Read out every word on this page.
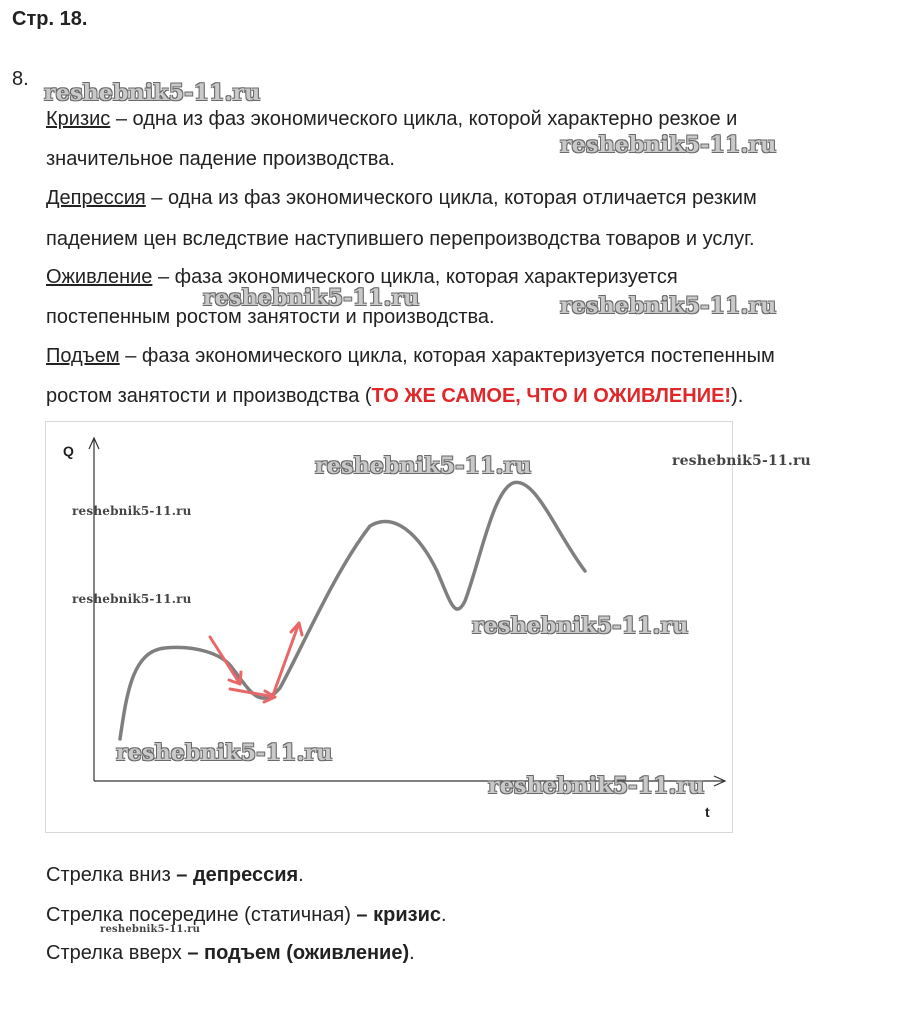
Стр. 18.
8.
Кризис – одна из фаз экономического цикла, которой характерно резкое и
значительное падение производства.
Депрессия – одна из фаз экономического цикла, которая отличается резким
падением цен вследствие наступившего перепроизводства товаров и услуг.
Оживление – фаза экономического цикла, которая характеризуется
постепенным ростом занятости и производства.
Подъем – фаза экономического цикла, которая характеризуется постепенным
ростом занятости и производства (ТО ЖЕ САМОЕ, ЧТО И ОЖИВЛЕНИЕ!).
Q
t
Стрелка вниз – депрессия.
Стрелка посередине (статичная) – кризис.
Стрелка вверх – подъем (оживление).
reshebnik5-11.ru
reshebnik5-11.ru
reshebnik5-11.ru	reshebnik5-11.ru
reshebnik5-11.ru	reshebnik5-11.ru
reshebnik5-11.ru
reshebnik5-11.ru
reshebnik5-11.ru
reshebnik5-11.ru
reshebnik5-11.ru
reshebnik5-11.ru
